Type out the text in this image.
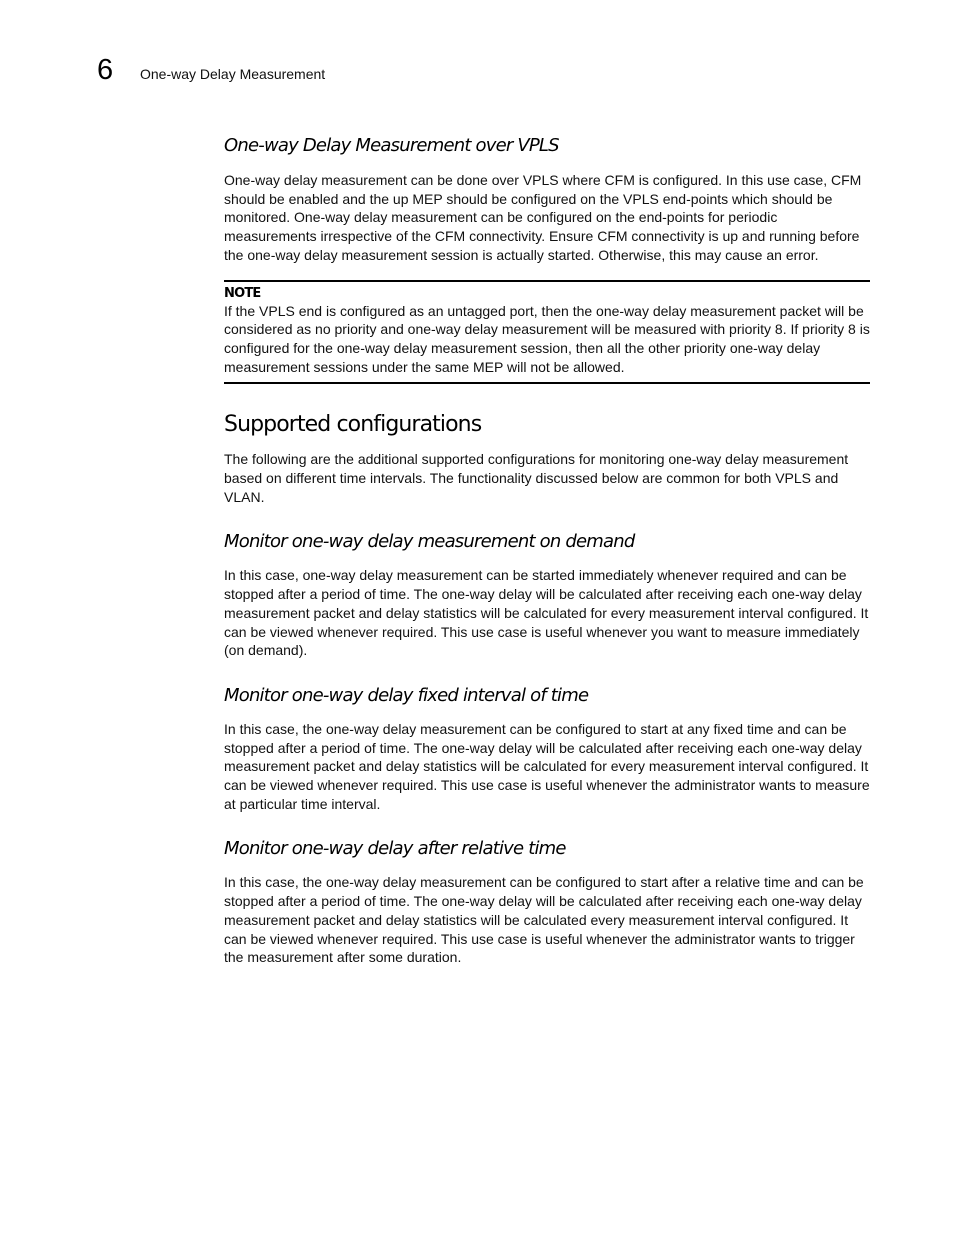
6 One-way Delay Measurement
One-way Delay Measurement over VPLS

One-way delay measurement can be done over VPLS where CFM is configured. In this use case, CFM should be enabled and the up MEP should be configured on the VPLS end-points which should be monitored. One-way delay measurement can be configured on the end-points for periodic measurements irrespective of the CFM connectivity. Ensure CFM connectivity is up and running before the one-way delay measurement session is actually started. Otherwise, this may cause an error.

NOTE

If the VPLS end is configured as an untagged port, then the one-way delay measurement packet will be considered as no priority and one-way delay measurement will be measured with priority 8. If priority 8 is configured for the one-way delay measurement session, then all the other priority one-way delay measurement sessions under the same MEP will not be allowed.

Supported configurations

The following are the additional supported configurations for monitoring one-way delay measurement based on different time intervals. The functionality discussed below are common for both VPLS and VLAN.

Monitor one-way delay measurement on demand

In this case, one-way delay measurement can be started immediately whenever required and can be stopped after a period of time. The one-way delay will be calculated after receiving each one-way delay measurement packet and delay statistics will be calculated for every measurement interval configured. It can be viewed whenever required. This use case is useful whenever you want to measure immediately (on demand).

Monitor one-way delay fixed interval of time

In this case, the one-way delay measurement can be configured to start at any fixed time and can be stopped after a period of time. The one-way delay will be calculated after receiving each one-way delay measurement packet and delay statistics will be calculated for every measurement interval configured. It can be viewed whenever required. This use case is useful whenever the administrator wants to measure at particular time interval.

Monitor one-way delay after relative time

In this case, the one-way delay measurement can be configured to start after a relative time and can be stopped after a period of time. The one-way delay will be calculated after receiving each one-way delay measurement packet and delay statistics will be calculated every measurement interval configured. It can be viewed whenever required. This use case is useful whenever the administrator wants to trigger the measurement after some duration.
